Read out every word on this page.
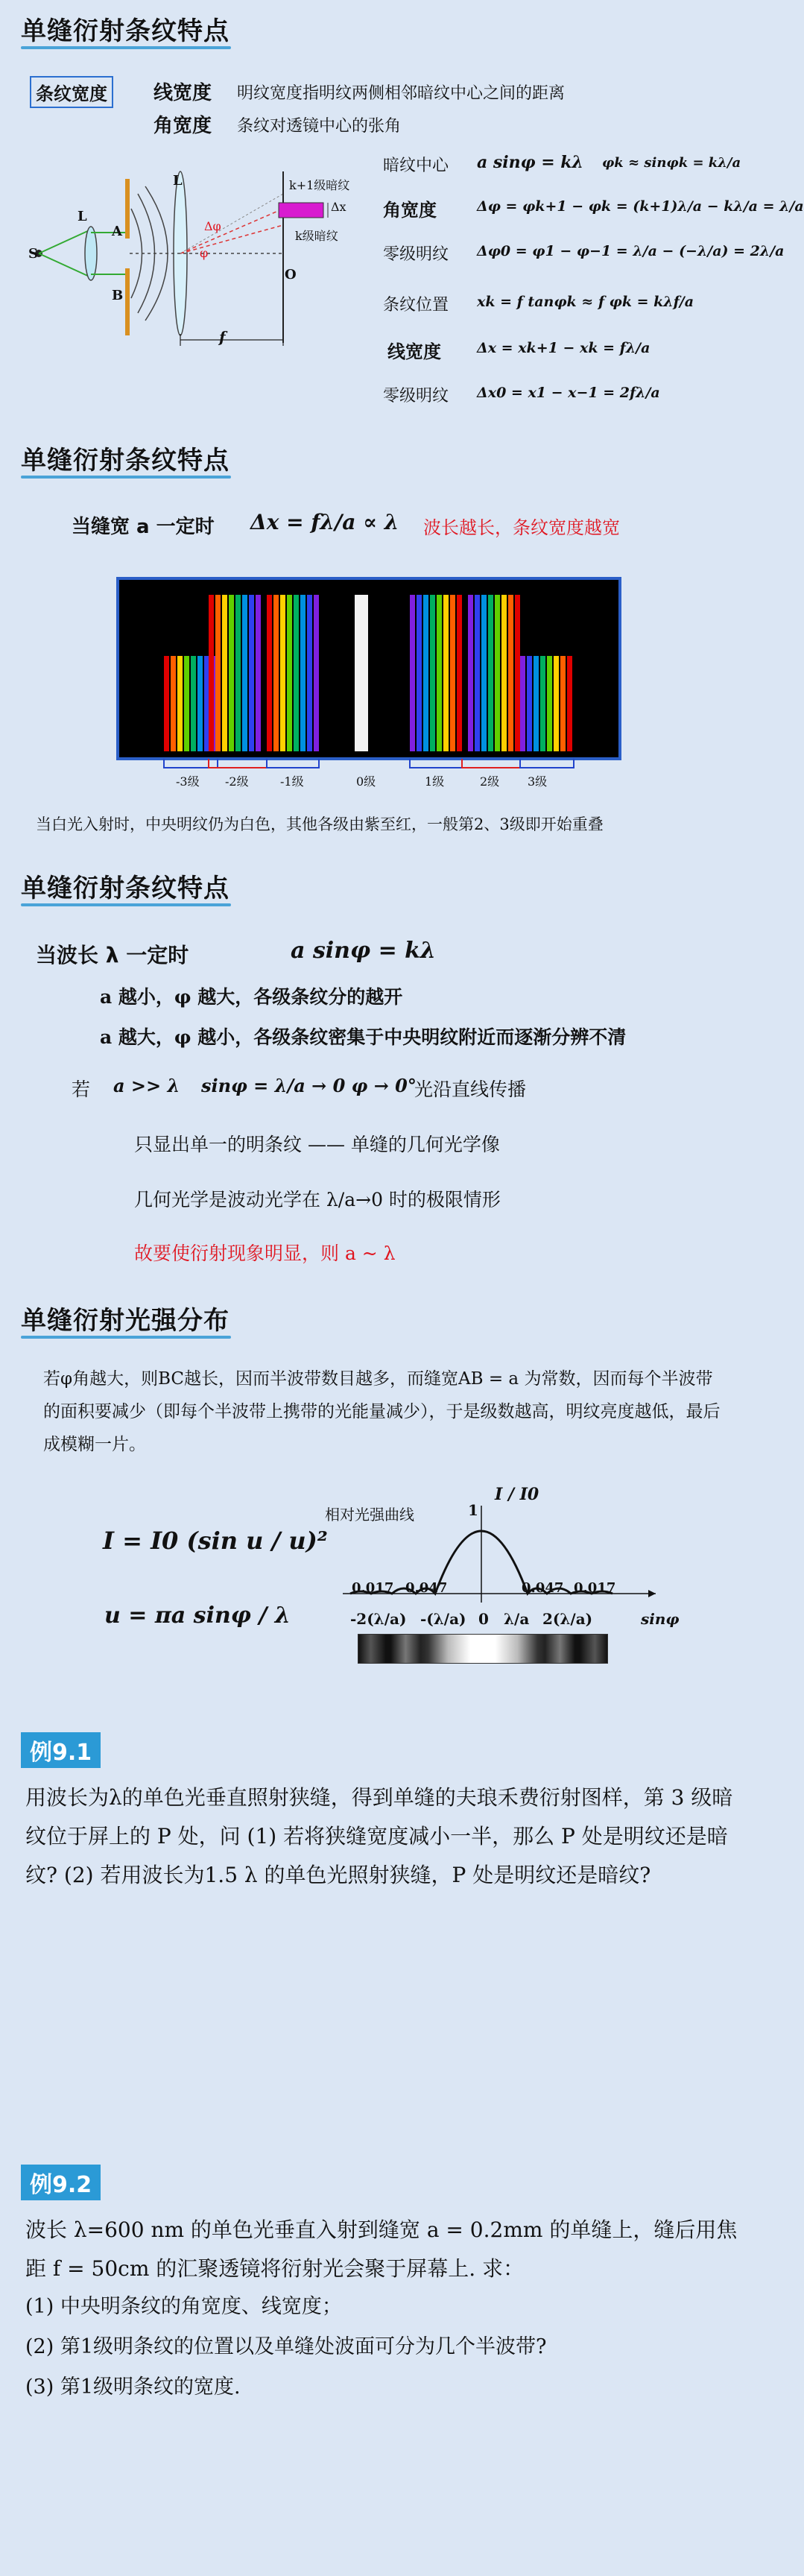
单缝衍射条纹特点
条纹宽度	线宽度 明纹宽度指明纹两侧相邻暗纹中心之间的距离
角宽度 条纹对透镜中心的张角
S
L
A
B
L
O
f
Δφ
φ
Δx
k+1级暗纹
k级暗纹
暗纹中心 a sinφ = kλ φk ≈ sinφk = kλ/a
角宽度	Δφ = φk+1 − φk = (k+1)λ/a − kλ/a = λ/a
零级明纹 Δφ0 = φ1 − φ−1 = λ/a − (−λ/a) = 2λ/a
条纹位置 xk = f tanφk ≈ f φk = kλf/a
线宽度	Δx = xk+1 − xk = fλ/a
零级明纹 Δx0 = x1 − x−1 = 2fλ/a
单缝衍射条纹特点
当缝宽 a 一定时 Δx = fλ/a ∝ λ 波长越长，条纹宽度越宽
-3级 -2级	-1级	0级	1级	2级 3级
当白光入射时，中央明纹仍为白色，其他各级由紫至红，一般第2、3级即开始重叠
单缝衍射条纹特点
当波长 λ 一定时	a sinφ = kλ
a 越小，φ 越大，各级条纹分的越开
a 越大，φ 越小，各级条纹密集于中央明纹附近而逐渐分辨不清
若 a >> λ sinφ = λ/a → 0 φ → 0°
光沿直线传播
只显出单一的明条纹 —— 单缝的几何光学像
几何光学是波动光学在 λ/a→0 时的极限情形
故要使衍射现象明显，则 a ~ λ
单缝衍射光强分布
若φ角越大，则BC越长，因而半波带数目越多，而缝宽AB = a 为常数，因而每个半波带的面积要减少（即每个半波带上携带的光能量减少），于是级数越高，明纹亮度越低，最后成模糊一片。
I = I0 (sin u / u)²
u = πa sinφ / λ
相对光强曲线
I / I0
1
0.017 0.047	0.047 0.017
-2(λ/a) -(λ/a) 0 λ/a 2(λ/a)	sinφ
例9.1
用波长为λ的单色光垂直照射狭缝，得到单缝的夫琅禾费衍射图样，第 3 级暗纹位于屏上的 P 处，问 (1) 若将狭缝宽度减小一半，那么 P 处是明纹还是暗纹? (2) 若用波长为1.5 λ 的单色光照射狭缝，P 处是明纹还是暗纹?
例9.2
波长 λ=600 nm 的单色光垂直入射到缝宽 a = 0.2mm 的单缝上，缝后用焦距 f = 50cm 的汇聚透镜将衍射光会聚于屏幕上. 求：
(1) 中央明条纹的角宽度、线宽度；
(2) 第1级明条纹的位置以及单缝处波面可分为几个半波带?
(3) 第1级明条纹的宽度.
